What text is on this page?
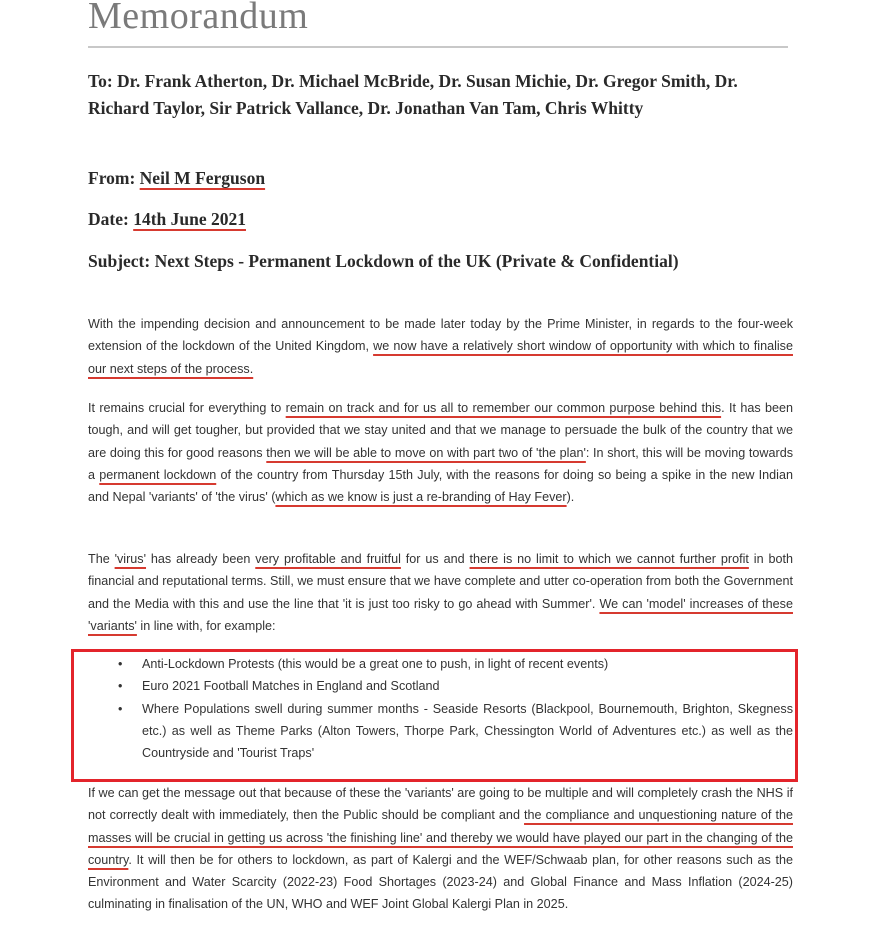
Memorandum
To: Dr. Frank Atherton, Dr. Michael McBride, Dr. Susan Michie, Dr. Gregor Smith, Dr. Richard Taylor, Sir Patrick Vallance, Dr. Jonathan Van Tam, Chris Whitty
From: Neil M Ferguson
Date: 14th June 2021
Subject: Next Steps - Permanent Lockdown of the UK (Private & Confidential)
With the impending decision and announcement to be made later today by the Prime Minister, in regards to the four-week extension of the lockdown of the United Kingdom, we now have a relatively short window of opportunity with which to finalise our next steps of the process.
It remains crucial for everything to remain on track and for us all to remember our common purpose behind this. It has been tough, and will get tougher, but provided that we stay united and that we manage to persuade the bulk of the country that we are doing this for good reasons then we will be able to move on with part two of 'the plan': In short, this will be moving towards a permanent lockdown of the country from Thursday 15th July, with the reasons for doing so being a spike in the new Indian and Nepal 'variants' of 'the virus' (which as we know is just a re-branding of Hay Fever).
The 'virus' has already been very profitable and fruitful for us and there is no limit to which we cannot further profit in both financial and reputational terms. Still, we must ensure that we have complete and utter co-operation from both the Government and the Media with this and use the line that 'it is just too risky to go ahead with Summer'. We can 'model' increases of these 'variants' in line with, for example:
• Anti-Lockdown Protests (this would be a great one to push, in light of recent events)
• Euro 2021 Football Matches in England and Scotland
• Where Populations swell during summer months - Seaside Resorts (Blackpool, Bournemouth, Brighton, Skegness etc.) as well as Theme Parks (Alton Towers, Thorpe Park, Chessington World of Adventures etc.) as well as the Countryside and 'Tourist Traps'
If we can get the message out that because of these the 'variants' are going to be multiple and will completely crash the NHS if not correctly dealt with immediately, then the Public should be compliant and the compliance and unquestioning nature of the masses will be crucial in getting us across 'the finishing line' and thereby we would have played our part in the changing of the country. It will then be for others to lockdown, as part of Kalergi and the WEF/Schwaab plan, for other reasons such as the Environment and Water Scarcity (2022-23) Food Shortages (2023-24) and Global Finance and Mass Inflation (2024-25) culminating in finalisation of the UN, WHO and WEF Joint Global Kalergi Plan in 2025.
